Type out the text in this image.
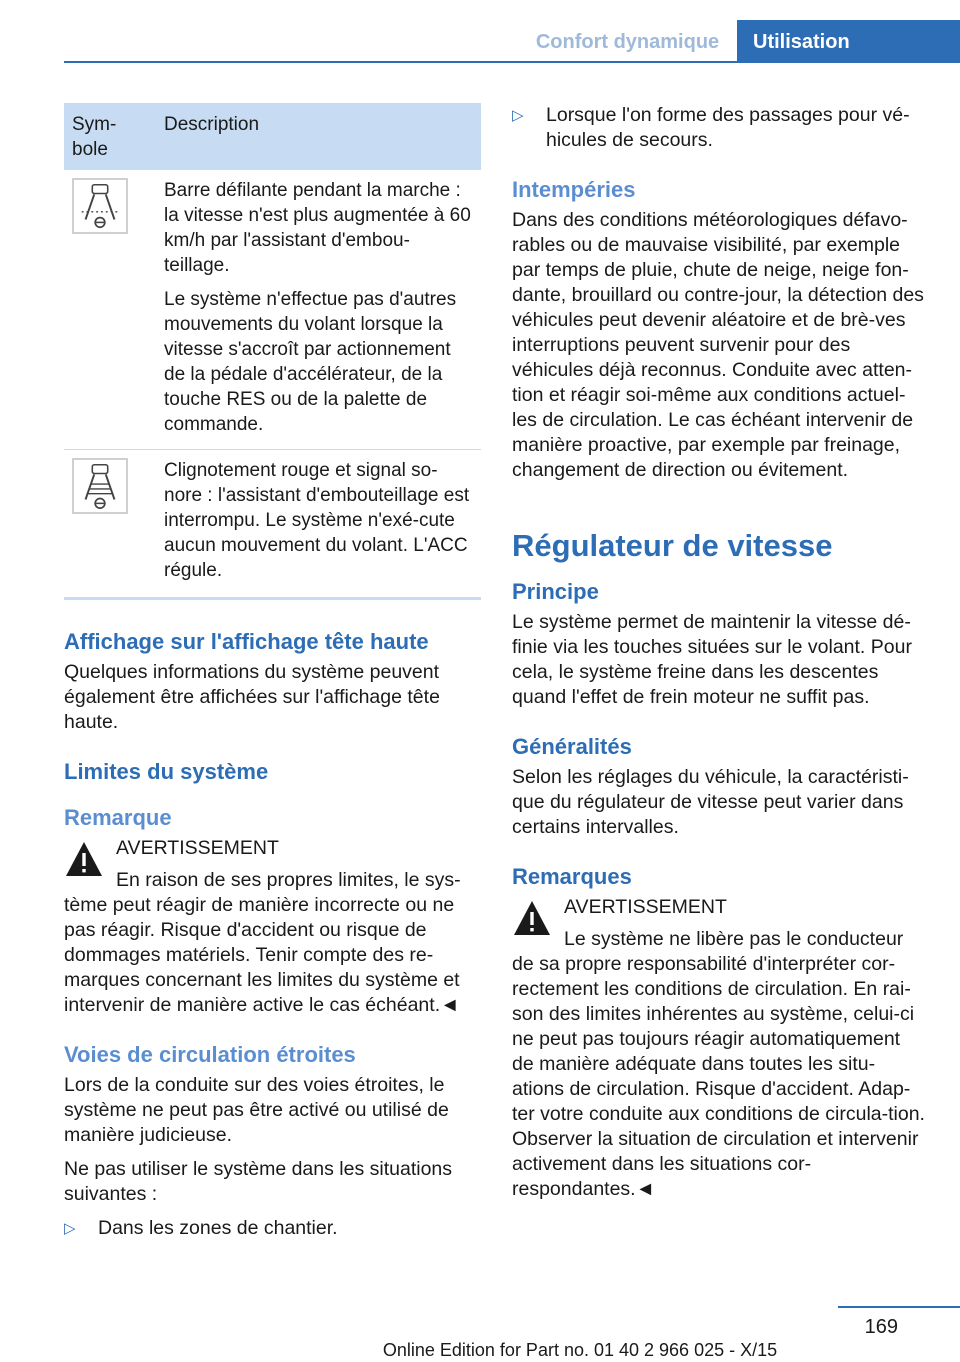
Confort dynamique	Utilisation
Sym-
bole	Description

Barre défilante pendant la marche : la vitesse n'est plus augmentée à 60 km/h par l'assistant d'embou-teillage.

Le système n'effectue pas d'autres mouvements du volant lorsque la vitesse s'accroît par actionnement de la pédale d'accélérateur, de la touche RES ou de la palette de commande.

Clignotement rouge et signal so-nore : l'assistant d'embouteillage est interrompu. Le système n'exé-cute aucun mouvement du volant. L'ACC régule.

Affichage sur l'affichage tête haute

Quelques informations du système peuvent également être affichées sur l'affichage tête haute.

Limites du système
Remarque
AVERTISSEMENT

En raison de ses propres limites, le sys-tème peut réagir de manière incorrecte ou ne pas réagir. Risque d'accident ou risque de dommages matériels. Tenir compte des re-marques concernant les limites du système et intervenir de manière active le cas échéant.◄

Voies de circulation étroites

Lors de la conduite sur des voies étroites, le système ne peut pas être activé ou utilisé de manière judicieuse.

Ne pas utiliser le système dans les situations suivantes :

▷ Dans les zones de chantier.
▷ Lorsque l'on forme des passages pour vé-hicules de secours.
Intempéries

Dans des conditions météorologiques défavo-rables ou de mauvaise visibilité, par exemple par temps de pluie, chute de neige, neige fon-dante, brouillard ou contre-jour, la détection des véhicules peut devenir aléatoire et de brè-ves interruptions peuvent survenir pour des véhicules déjà reconnus. Conduite avec atten-tion et réagir soi-même aux conditions actuel-les de circulation. Le cas échéant intervenir de manière proactive, par exemple par freinage, changement de direction ou évitement.

Régulateur de vitesse
Principe

Le système permet de maintenir la vitesse dé-finie via les touches situées sur le volant. Pour cela, le système freine dans les descentes quand l'effet de frein moteur ne suffit pas.

Généralités

Selon les réglages du véhicule, la caractéristi-que du régulateur de vitesse peut varier dans certains intervalles.

Remarques
AVERTISSEMENT

Le système ne libère pas le conducteur de sa propre responsabilité d'interpréter cor-rectement les conditions de circulation. En rai-son des limites inhérentes au système, celui-ci ne peut pas toujours réagir automatiquement de manière adéquate dans toutes les situ-ations de circulation. Risque d'accident. Adap-ter votre conduite aux conditions de circula-tion. Observer la situation de circulation et intervenir activement dans les situations cor-respondantes.◄

169
Online Edition for Part no. 01 40 2 966 025 - X/15
